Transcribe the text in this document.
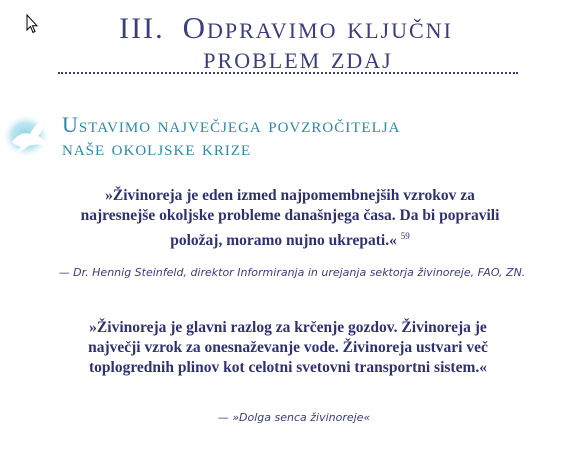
III. Odpravimo ključni
problem zdaj
Ustavimo največjega povzročitelja
naše okoljske krize
»Živinoreja je eden izmed najpomembnejših vzrokov za najresnejše okoljske probleme današnjega časa. Da bi popravili položaj, moramo nujno ukrepati.« $^{59}$
— Dr. Hennig Steinfeld, direktor Informiranja in urejanja sektorja živinoreje, FAO, ZN.
»Živinoreja je glavni razlog za krčenje gozdov. Živinoreja je največji vzrok za onesnaževanje vode. Živinoreja ustvari več toplogrednih plinov kot celotni svetovni transportni sistem.«
— »Dolga senca živinoreje«
